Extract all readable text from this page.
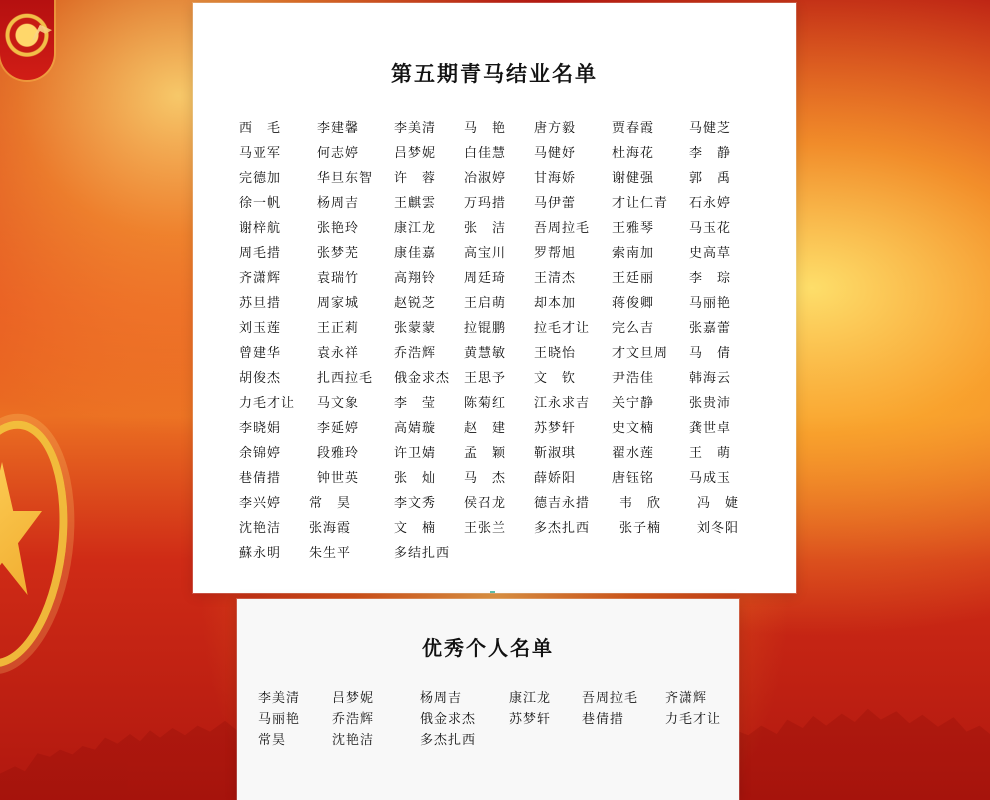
第五期青马结业名单
西　毛	李建馨	李美清 马　艳 唐方毅	贾春霞	马健芝
马亚军	何志婷	吕梦妮 白佳慧 马健妤	杜海花	李　静
完德加	华旦东智 许　蓉 冶淑婷 甘海娇	谢健强	郭　禹
徐一帆	杨周吉	王麒雲 万玛措 马伊蕾	才让仁青 石永婷
谢梓航	张艳玲	康江龙 张　洁 吾周拉毛 王雅琴	马玉花
周毛措	张梦芜	康佳嘉 高宝川 罗帮旭	索南加	史高草
齐潇辉	袁瑞竹	高翔铃 周廷琦 王清杰	王廷丽	李　琮
苏旦措	周家城	赵锐芝 王启萌 却本加	蒋俊卿	马丽艳
刘玉莲	王正莉	张蒙蒙 拉锟鹏 拉毛才让 完么吉	张嘉蕾
曾建华	袁永祥	乔浩辉 黄慧敏 王晓怡	才文旦周 马　倩
胡俊杰	扎西拉毛 俄金求杰 王思予 文　钦	尹浩佳	韩海云
力毛才让 马文象	李　莹 陈菊红 江永求吉 关宁静	张贵沛
李晓娟	李延婷	高婧璇 赵　建 苏梦轩	史文楠	龚世卓
余锦婷	段雅玲	许卫婧 孟　颖 靳淑琪	翟水莲	王　萌
巷倩措	钟世英	张　灿 马　杰 薛娇阳	唐钰铭	马成玉
李兴婷 常　昊	李文秀 侯召龙 德吉永措 韦　欣	冯　婕
沈艳洁 张海霞	文　楠 王张兰 多杰扎西 张子楠	刘冬阳
蘇永明 朱生平	多结扎西
优秀个人名单
李美清 吕梦妮	杨周吉	康江龙 吾周拉毛 齐潇辉
马丽艳 乔浩辉	俄金求杰	苏梦轩 巷倩措	力毛才让
常昊	沈艳洁	多杰扎西
